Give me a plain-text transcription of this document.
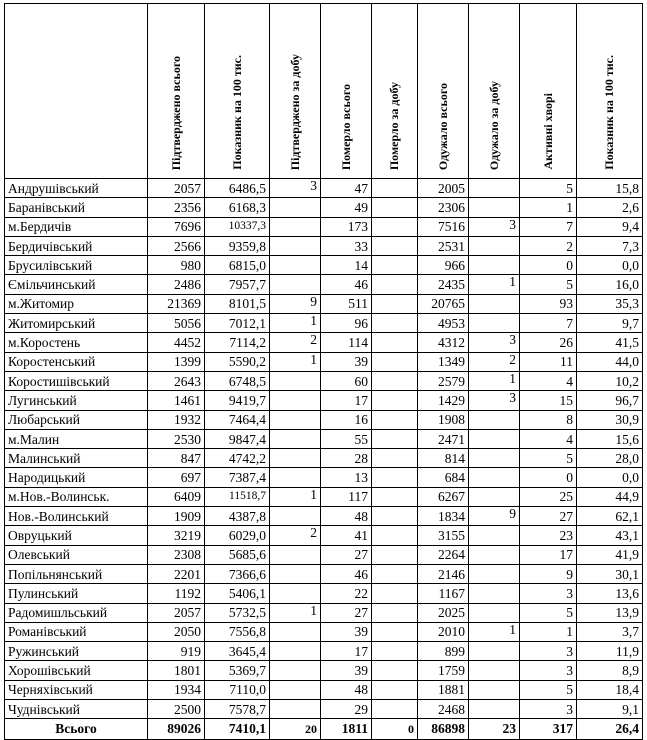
	Підтверджено всього	Показник на 100 тис.	Підтверджено за добу	Померло всього	Померло за добу	Одужало всього	Одужало за добу	Активні хворі	Показник на 100 тис.
Андрушівський	2057	6486,5	3	47		2005		5	15,8
Баранівський	2356	6168,3		49		2306		1	2,6
м.Бердичів	7696	10337,3		173		7516	3	7	9,4
Бердичівський	2566	9359,8		33		2531		2	7,3
Брусилівський	980	6815,0		14		966		0	0,0
Ємільчинський	2486	7957,7		46		2435	1	5	16,0
м.Житомир	21369	8101,5	9	511		20765		93	35,3
Житомирський	5056	7012,1	1	96		4953		7	9,7
м.Коростень	4452	7114,2	2	114		4312	3	26	41,5
Коростенський	1399	5590,2	1	39		1349	2	11	44,0
Коростишівський	2643	6748,5		60		2579	1	4	10,2
Лугинський	1461	9419,7		17		1429	3	15	96,7
Любарський	1932	7464,4		16		1908		8	30,9
м.Малин	2530	9847,4		55		2471		4	15,6
Малинський	847	4742,2		28		814		5	28,0
Народицький	697	7387,4		13		684		0	0,0
м.Нов.-Волинськ.	6409	11518,7	1	117		6267		25	44,9
Нов.-Волинський	1909	4387,8		48		1834	9	27	62,1
Овруцький	3219	6029,0	2	41		3155		23	43,1
Олевський	2308	5685,6		27		2264		17	41,9
Попільнянський	2201	7366,6		46		2146		9	30,1
Пулинський	1192	5406,1		22		1167		3	13,6
Радомишльський	2057	5732,5	1	27		2025		5	13,9
Романівський	2050	7556,8		39		2010	1	1	3,7
Ружинський	919	3645,4		17		899		3	11,9
Хорошівський	1801	5369,7		39		1759		3	8,9
Черняхівський	1934	7110,0		48		1881		5	18,4
Чуднівський	2500	7578,7		29		2468		3	9,1
Всього	89026	7410,1	20	1811	0	86898	23	317	26,4
